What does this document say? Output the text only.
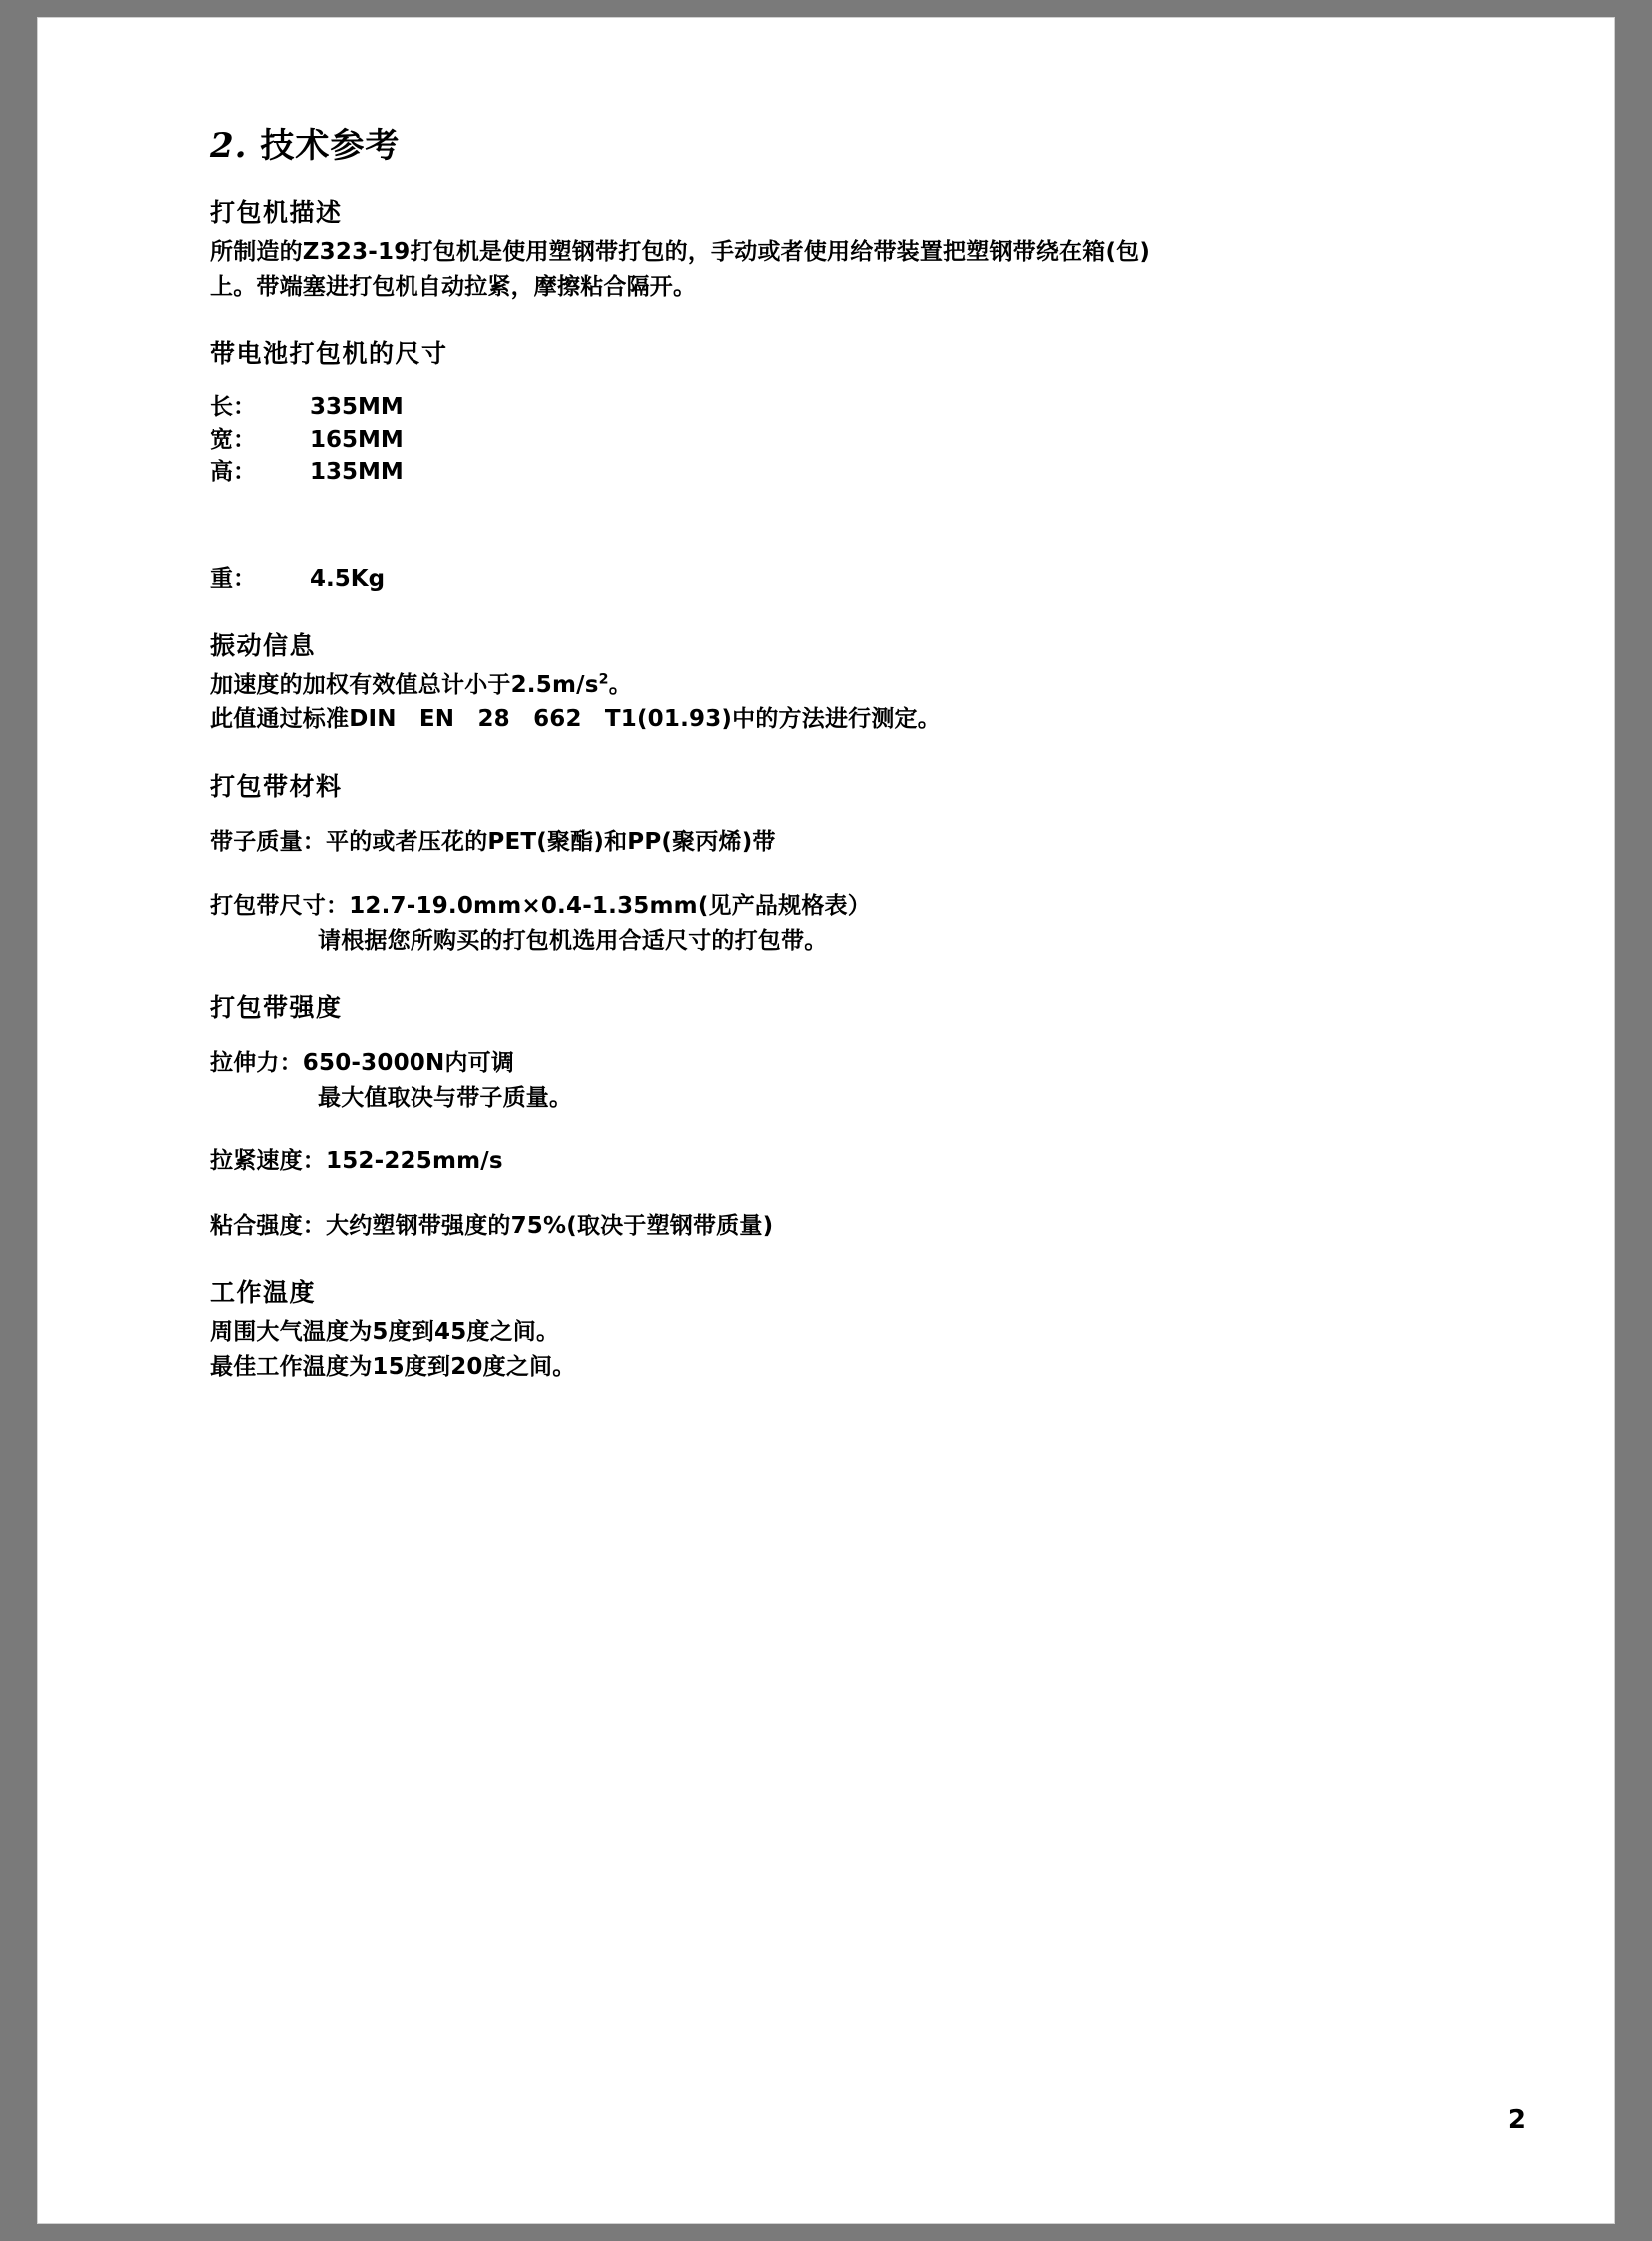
2. 技术参考
打包机描述

所制造的Z323-19打包机是使用塑钢带打包的，手动或者使用给带装置把塑钢带绕在箱(包)

上。带端塞进打包机自动拉紧，摩擦粘合隔开。

带电池打包机的尺寸
长：	335MM
宽：	165MM
高：	135MM
重：	4.5Kg
振动信息

加速度的加权有效值总计小于$2.5m/s^2$。

此值通过标准DIN　EN　28　662　T1(01.93)中的方法进行测定。

打包带材料

带子质量：平的或者压花的PET(聚酯)和PP(聚丙烯)带

打包带尺寸：12.7-19.0mm×0.4-1.35mm(见产品规格表）

请根据您所购买的打包机选用合适尺寸的打包带。

打包带强度

拉伸力：650-3000N内可调

最大值取决与带子质量。

拉紧速度：152-225mm/s

粘合强度：大约塑钢带强度的75%(取决于塑钢带质量)

工作温度

周围大气温度为5度到45度之间。

最佳工作温度为15度到20度之间。

2
